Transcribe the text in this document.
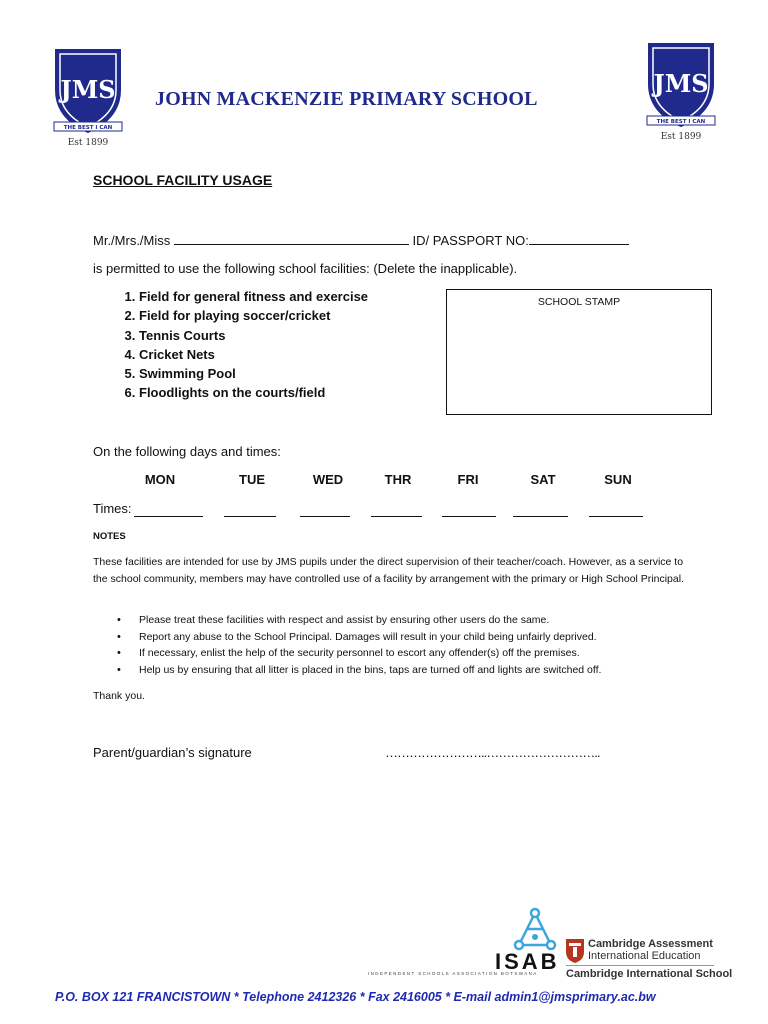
JMS
THE BEST I CAN
Est 1899
JOHN MACKENZIE PRIMARY SCHOOL
JMS
THE BEST I CAN
Est 1899
SCHOOL FACILITY USAGE
Mr./Mrs./Miss	ID/ PASSPORT NO:
is permitted to use the following school facilities: (Delete the inapplicable).
1. Field for general fitness and exercise
2. Field for playing soccer/cricket
3. Tennis Courts
4. Cricket Nets
5. Swimming Pool
6. Floodlights on the courts/field
SCHOOL STAMP
On the following days and times:
MON	TUE	WED	THR	FRI	SAT	SUN
Times:
NOTES
These facilities are intended for use by JMS pupils under the direct supervision of their teacher/coach. However, as a service to the school community, members may have controlled use of a facility by arrangement with the primary or High School Principal.
• Please treat these facilities with respect and assist by ensuring other users do the same.
• Report any abuse to the School Principal. Damages will result in your child being unfairly deprived.
• If necessary, enlist the help of the security personnel to escort any offender(s) off the premises.
• Help us by ensuring that all litter is placed in the bins, taps are turned off and lights are switched off.
Thank you.
Parent/guardian’s signature	……………………..………………………..
ISAB
INDEPENDENT SCHOOLS ASSOCIATION BOTSWANA
Cambridge Assessment
International Education
Cambridge International School
P.O. BOX 121 FRANCISTOWN * Telephone 2412326 * Fax 2416005 * E-mail admin1@jmsprimary.ac.bw
